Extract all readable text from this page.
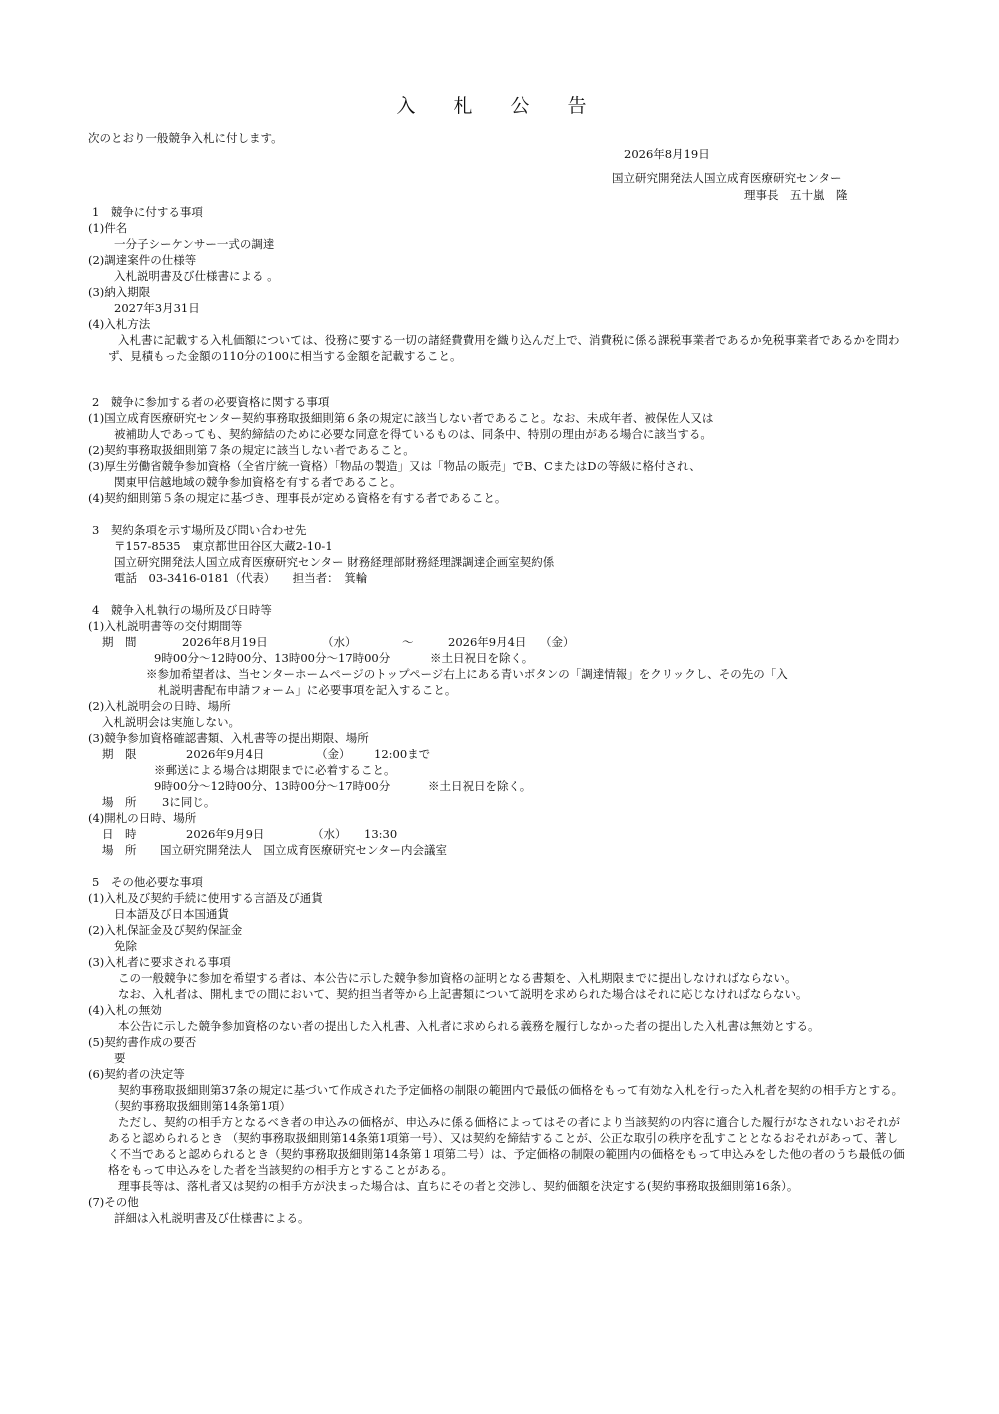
入 札 公 告
次のとおり一般競争入札に付します。
2026年8月19日
国立研究開発法人国立成育医療研究センター
理事長　五十嵐　隆
1　競争に付する事項
(1)件名
一分子シーケンサー一式の調達
(2)調達案件の仕様等
入札説明書及び仕様書による 。
(3)納入期限
2027年3月31日
(4)入札方法
入札書に記載する入札価額については、役務に要する一切の諸経費費用を織り込んだ上で、消費税に係る課税事業者であるか免税事業者であるかを問わず、見積もった金額の110分の100に相当する金額を記載すること。
2　競争に参加する者の必要資格に関する事項
(1)国立成育医療研究センター契約事務取扱細則第６条の規定に該当しない者であること。なお、未成年者、被保佐人又は
被補助人であっても、契約締結のために必要な同意を得ているものは、同条中、特別の理由がある場合に該当する。
(2)契約事務取扱細則第７条の規定に該当しない者であること。
(3)厚生労働省競争参加資格（全省庁統一資格）「物品の製造」又は「物品の販売」でB、CまたはDの等級に格付され、
関東甲信越地域の競争参加資格を有する者であること。
(4)契約細則第５条の規定に基づき、理事長が定める資格を有する者であること。
3　契約条項を示す場所及び問い合わせ先
〒157-8535　東京都世田谷区大蔵2-10-1
国立研究開発法人国立成育医療研究センター 財務経理部財務経理課調達企画室契約係
電話　03-3416-0181（代表）　　担当者：　箕輪
4　競争入札執行の場所及び日時等
(1)入札説明書等の交付期間等
期　間	2026年8月19日	（水）	～	2026年9月4日 （金）
9時00分～12時00分、13時00分～17時00分	※土日祝日を除く。
※参加希望者は、当センターホームページのトップページ右上にある青いボタンの「調達情報」をクリックし、その先の「入
札説明書配布申請フォーム」に必要事項を記入すること。
(2)入札説明会の日時、場所
入札説明会は実施しない。
(3)競争参加資格確認書類、入札書等の提出期限、場所
期　限	2026年9月4日	（金） 12:00まで
※郵送による場合は期限までに必着すること。
9時00分～12時00分、13時00分～17時00分	※土日祝日を除く。
場　所 3に同じ。
(4)開札の日時、場所
日　時	2026年9月9日	（水） 13:30
場　所 国立研究開発法人　国立成育医療研究センター内会議室
5　その他必要な事項
(1)入札及び契約手続に使用する言語及び通貨
日本語及び日本国通貨
(2)入札保証金及び契約保証金
免除
(3)入札者に要求される事項
この一般競争に参加を希望する者は、本公告に示した競争参加資格の証明となる書類を、入札期限までに提出しなければならない。
なお、入札者は、開札までの間において、契約担当者等から上記書類について説明を求められた場合はそれに応じなければならない。
(4)入札の無効
本公告に示した競争参加資格のない者の提出した入札書、入札者に求められる義務を履行しなかった者の提出した入札書は無効とする。
(5)契約書作成の要否
要
(6)契約者の決定等
契約事務取扱細則第37条の規定に基づいて作成された予定価格の制限の範囲内で最低の価格をもって有効な入札を行った入札者を契約の相手方とする。（契約事務取扱細則第14条第1項）
ただし、契約の相手方となるべき者の申込みの価格が、申込みに係る価格によってはその者により当該契約の内容に適合した履行がなされないおそれがあると認められるとき （契約事務取扱細則第14条第1項第一号）、又は契約を締結することが、公正な取引の秩序を乱すこととなるおそれがあって、著しく不当であると認められるとき（契約事務取扱細則第14条第１項第二号）は、予定価格の制限の範囲内の価格をもって申込みをした他の者のうち最低の価格をもって申込みをした者を当該契約の相手方とすることがある。
理事長等は、落札者又は契約の相手方が決まった場合は、直ちにその者と交渉し、契約価額を決定する(契約事務取扱細則第16条）。
(7)その他
詳細は入札説明書及び仕様書による。
